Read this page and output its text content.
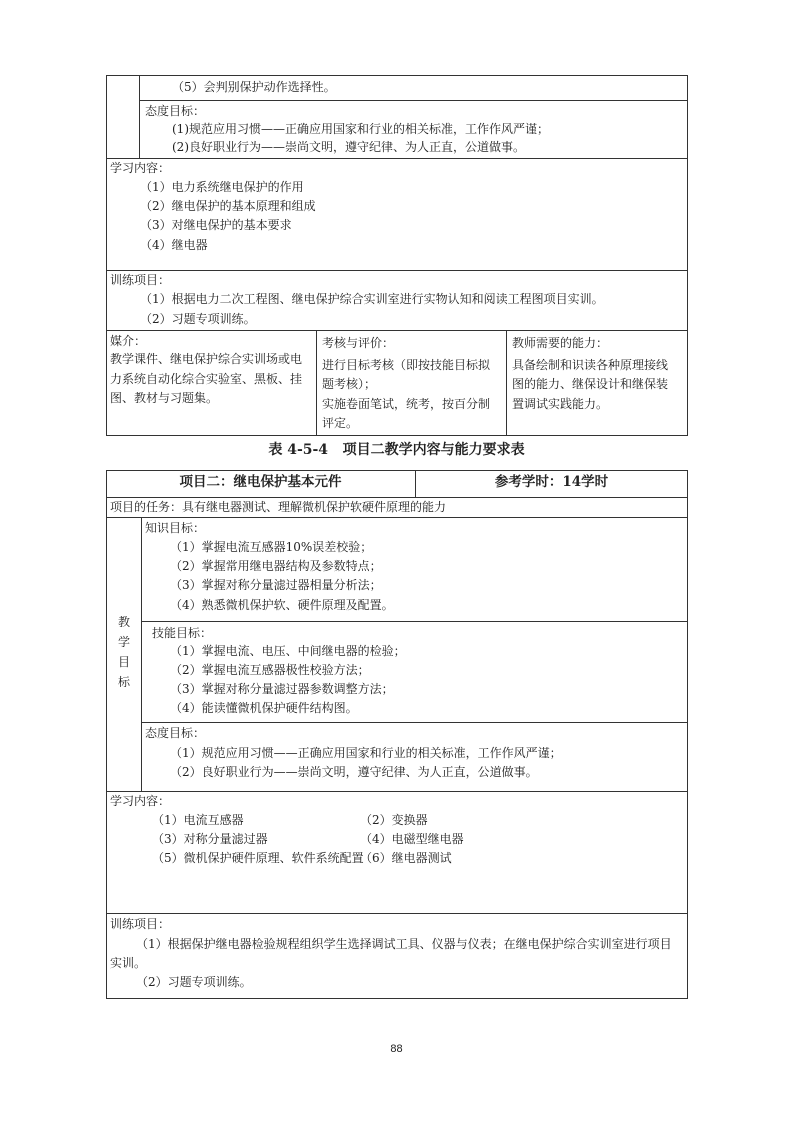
（5）会判别保护动作选择性。
态度目标：
(1)规范应用习惯——正确应用国家和行业的相关标准，工作作风严谨；
(2)良好职业行为——崇尚文明，遵守纪律、为人正直，公道做事。
学习内容：
（1）电力系统继电保护的作用
（2）继电保护的基本原理和组成
（3）对继电保护的基本要求
（4）继电器
训练项目：
（1）根据电力二次工程图、继电保护综合实训室进行实物认知和阅读工程图项目实训。
（2）习题专项训练。
媒介：
教学课件、继电保护综合实训场或电
力系统自动化综合实验室、黑板、挂
图、教材与习题集。
考核与评价：
进行目标考核（即按技能目标拟
题考核）；
实施卷面笔试，统考，按百分制
评定。
教师需要的能力：
具备绘制和识读各种原理接线
图的能力、继保设计和继保装
置调试实践能力。
表 4-5-4   项目二教学内容与能力要求表
项目二：继电保护基本元件	参考学时：14学时
项目的任务：具有继电器测试、理解微机保护软硬件原理的能力
教
学
目
标
知识目标：
（1）掌握电流互感器10%误差校验；
（2）掌握常用继电器结构及参数特点；
（3）掌握对称分量滤过器相量分析法；
（4）熟悉微机保护软、硬件原理及配置。
技能目标：
（1）掌握电流、电压、中间继电器的检验；
（2）掌握电流互感器极性校验方法；
（3）掌握对称分量滤过器参数调整方法；
（4）能读懂微机保护硬件结构图。
态度目标：
（1）规范应用习惯——正确应用国家和行业的相关标准，工作作风严谨；
（2）良好职业行为——崇尚文明，遵守纪律、为人正直，公道做事。
学习内容：
（1）电流互感器
（3）对称分量滤过器
（5）微机保护硬件原理、软件系统配置
（2）变换器
（4）电磁型继电器
（6）继电器测试
训练项目：
（1）根据保护继电器检验规程组织学生选择调试工具、仪器与仪表；在继电保护综合实训室进行项目
实训。
（2）习题专项训练。
88
